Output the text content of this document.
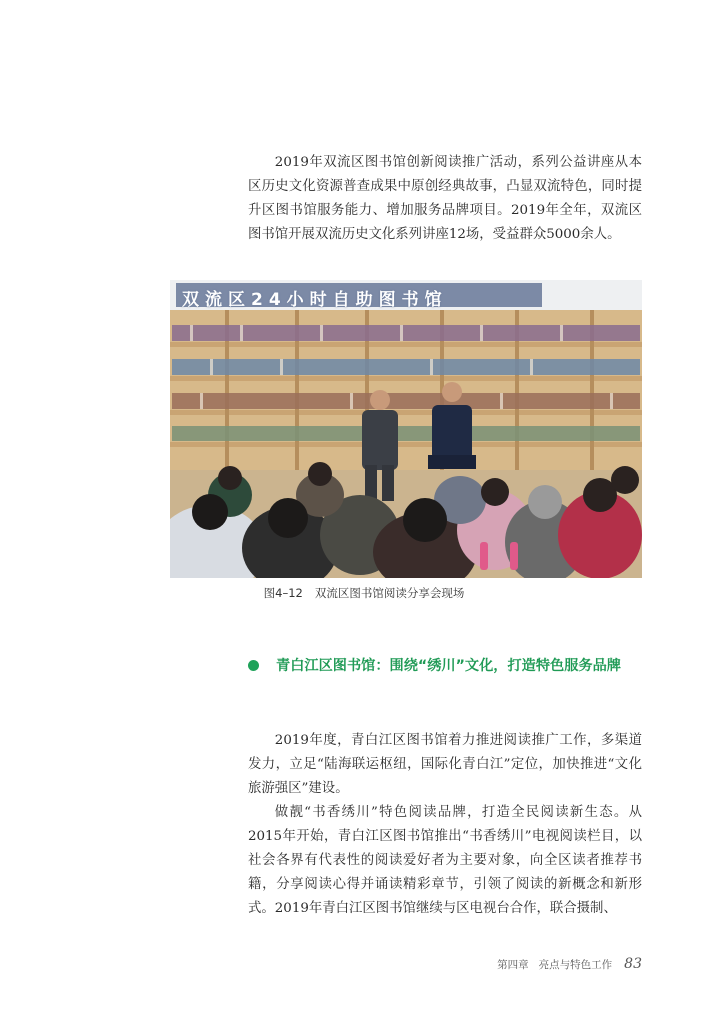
2019年双流区图书馆创新阅读推广活动，系列公益讲座从本区历史文化资源普查成果中原创经典故事，凸显双流特色，同时提升区图书馆服务能力、增加服务品牌项目。2019年全年，双流区图书馆开展双流历史文化系列讲座12场，受益群众5000余人。

双流区24小时自助图书馆
图4–12 双流区图书馆阅读分享会现场
青白江区图书馆：围绕“绣川”文化，打造特色服务品牌

2019年度，青白江区图书馆着力推进阅读推广工作，多渠道发力，立足“陆海联运枢纽，国际化青白江”定位，加快推进“文化旅游强区”建设。

做靓“书香绣川”特色阅读品牌，打造全民阅读新生态。从2015年开始，青白江区图书馆推出“书香绣川”电视阅读栏目，以社会各界有代表性的阅读爱好者为主要对象，向全区读者推荐书籍，分享阅读心得并诵读精彩章节，引领了阅读的新概念和新形式。2019年青白江区图书馆继续与区电视台合作，联合摄制、

第四章 亮点与特色工作 83
